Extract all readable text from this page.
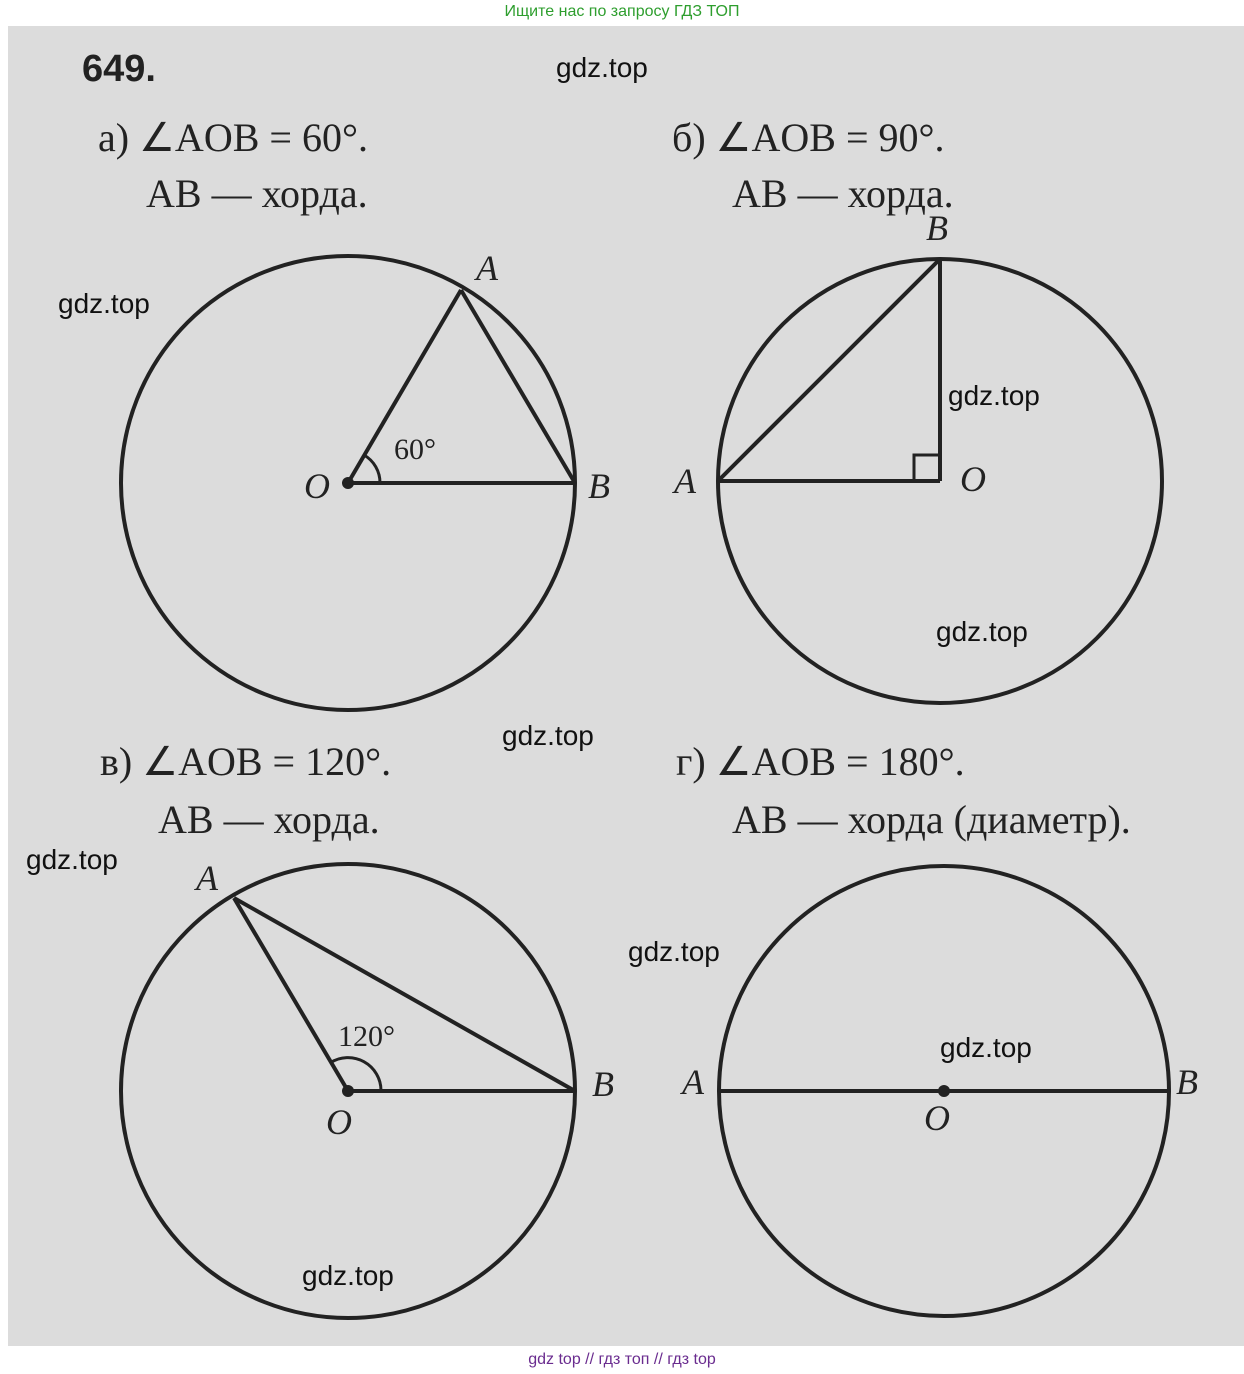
Ищите нас по запросу ГДЗ ТОП
649.
а) ∠AOB = 60°.
AB — хорда.
б) ∠AOB = 90°.
AB — хорда.
в) ∠AOB = 120°.
AB — хорда.
г) ∠AOB = 180°.
AB — хорда (диаметр).
A
B
O
60°
B
A	O
A
B
O
120°
A	B
O
gdz.top
gdz.top
gdz.top
gdz.top
gdz.top
gdz.top
gdz.top
gdz.top
gdz.top
gdz top // гдз топ // гдз top
